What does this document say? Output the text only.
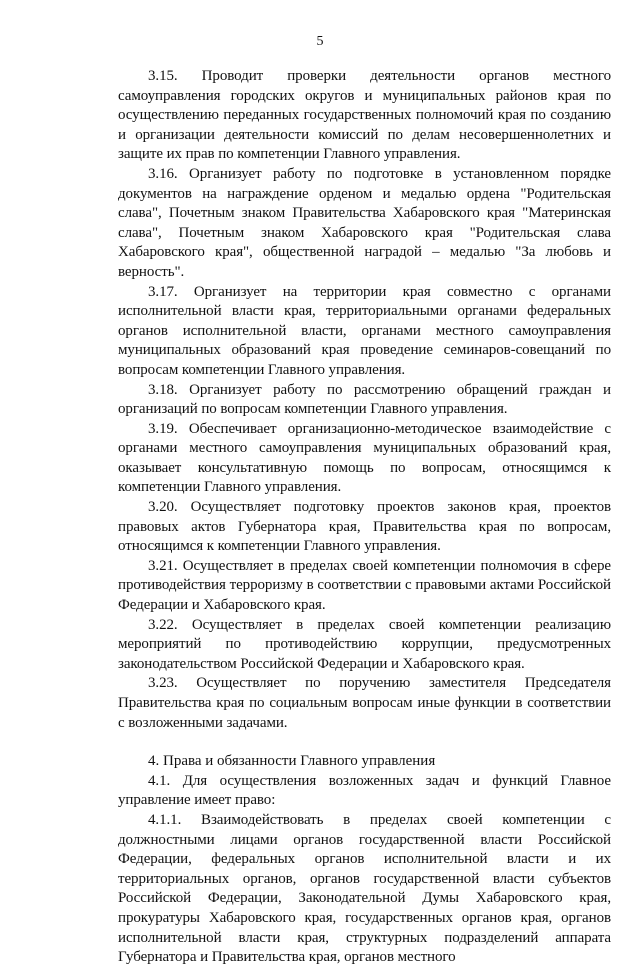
5

3.15. Проводит проверки деятельности органов местного самоуправления городских округов и муниципальных районов края по осуществлению переданных государственных полномочий края по созданию и организации деятельности комиссий по делам несовершеннолетних и защите их прав по компетенции Главного управления.

3.16. Организует работу по подготовке в установленном порядке документов на награждение орденом и медалью ордена "Родительская слава", Почетным знаком Правительства Хабаровского края "Материнская слава", Почетным знаком Хабаровского края "Родительская слава Хабаровского края", общественной наградой – медалью "За любовь и верность".

3.17. Организует на территории края совместно с органами исполнительной власти края, территориальными органами федеральных органов исполнительной власти, органами местного самоуправления муниципальных образований края проведение семинаров-совещаний по вопросам компетенции Главного управления.

3.18. Организует работу по рассмотрению обращений граждан и организаций по вопросам компетенции Главного управления.

3.19. Обеспечивает организационно-методическое взаимодействие с органами местного самоуправления муниципальных образований края, оказывает консультативную помощь по вопросам, относящимся к компетенции Главного управления.

3.20. Осуществляет подготовку проектов законов края, проектов правовых актов Губернатора края, Правительства края по вопросам, относящимся к компетенции Главного управления.

3.21. Осуществляет в пределах своей компетенции полномочия в сфере противодействия терроризму в соответствии с правовыми актами Российской Федерации и Хабаровского края.

3.22. Осуществляет в пределах своей компетенции реализацию мероприятий по противодействию коррупции, предусмотренных законодательством Российской Федерации и Хабаровского края.

3.23. Осуществляет по поручению заместителя Председателя Правительства края по социальным вопросам иные функции в соответствии с возложенными задачами.

4. Права и обязанности Главного управления

4.1. Для осуществления возложенных задач и функций Главное управление имеет право:

4.1.1. Взаимодействовать в пределах своей компетенции с должностными лицами органов государственной власти Российской Федерации, федеральных органов исполнительной власти и их территориальных органов, органов государственной власти субъектов Российской Федерации, Законодательной Думы Хабаровского края, прокуратуры Хабаровского края, государственных органов края, органов исполнительной власти края, структурных подразделений аппарата Губернатора и Правительства края, органов местного
